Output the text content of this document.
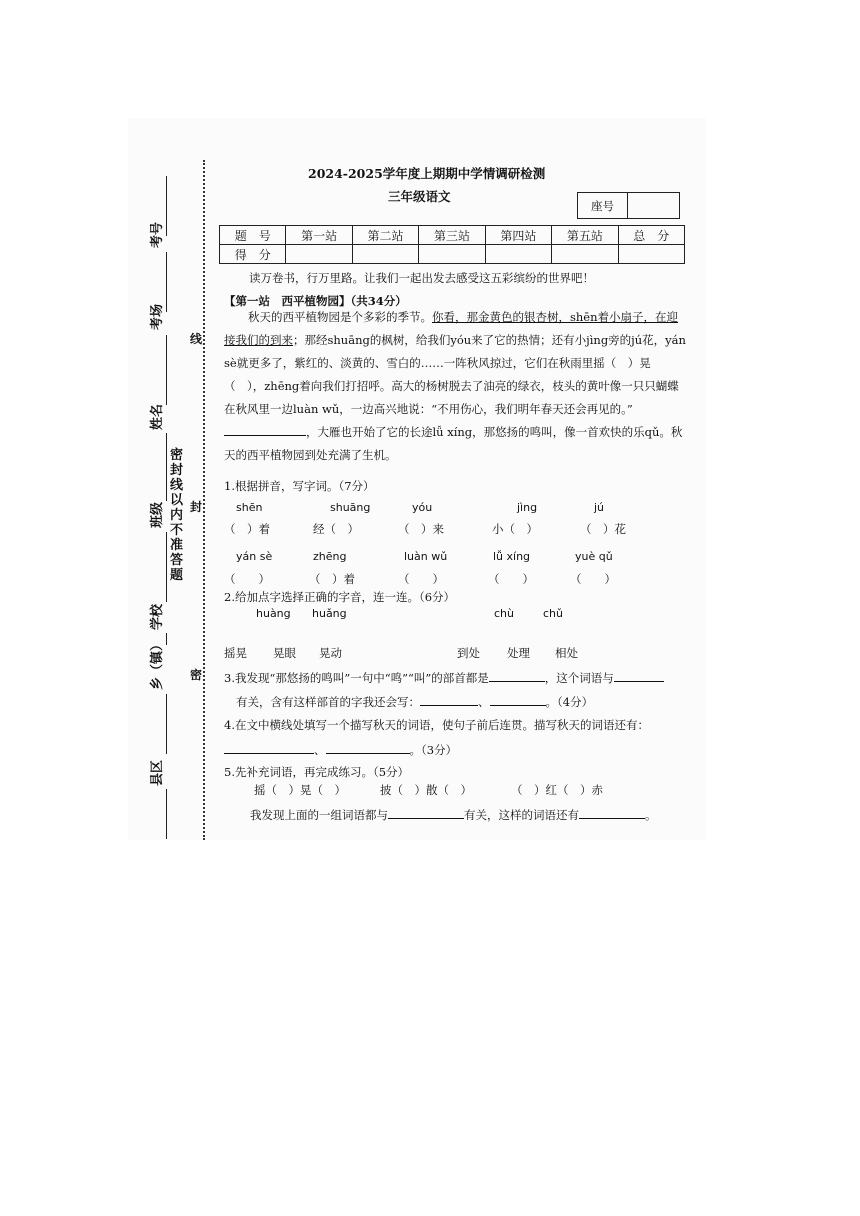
考号
考场
姓名
班级
学校
乡（镇）
县区
密封线以内不准答题
密
封
线
2024-2025学年度上期期中学情调研检测
三年级语文
座号
题　号	第一站	第二站	第三站	第四站	第五站	总　分
得　分						
读万卷书，行万里路。让我们一起出发去感受这五彩缤纷的世界吧！
【第一站　西平植物园】（共34分）
秋天的西平植物园是个多彩的季节。你看，那金黄色的银杏树，shēn着小扇子，在迎接我们的到来；那经shuāng的枫树，给我们yóu来了它的热情；还有小jìng旁的jú花，yán sè就更多了，紫红的、淡黄的、雪白的……一阵秋风掠过，它们在秋雨里摇（　）晃（　），zhēng着向我们打招呼。高大的杨树脱去了油亮的绿衣，枝头的黄叶像一只只蝴蝶在秋风里一边luàn wǔ，一边高兴地说：“不用伤心，我们明年春天还会再见的。”，大雁也开始了它的长途lǚ xíng，那悠扬的鸣叫，像一首欢快的乐qǔ。秋天的西平植物园到处充满了生机。
1.根据拼音，写字词。（7分）
shēn	shuāng	yóu	jìng	jú
（　）着	经（　）	（　）来	小（　）	（　）花
yán sè	zhēng	luàn wǔ	lǚ xíng	yuè qǔ
（　　）	（　）着	（　　）	（　　）	（　　）
2.给加点字选择正确的字音，连一连。（6分）
huàng huǎng	chù	chǔ
摇晃 晃眼 晃动	到处 处理 相处
3.我发现“那悠扬的鸣叫”一句中“鸣”“叫”的部首都是	，这个词语与
有关，含有这样部首的字我还会写：	、	。（4分）
4.在文中横线处填写一个描写秋天的词语，使句子前后连贯。描写秋天的词语还有：
、	。（3分）
5.先补充词语，再完成练习。（5分）
摇（　）晃（　）	披（　）散（　）	（　）红（　）赤
我发现上面的一组词语都与	有关，这样的词语还有	。
